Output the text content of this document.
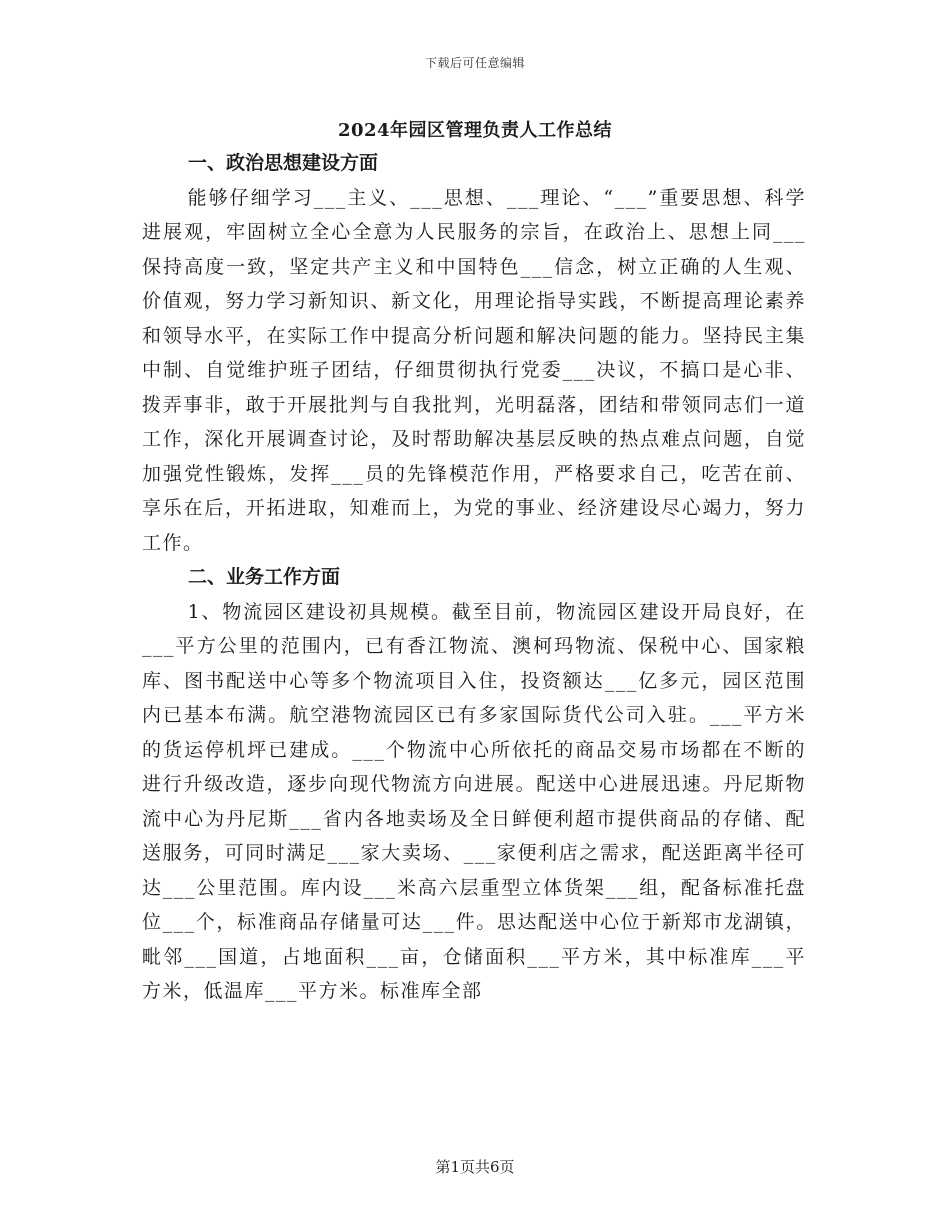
下载后可任意编辑
2024年园区管理负责人工作总结
一、政治思想建设方面

能够仔细学习___主义、___思想、___理论、“___”重要思想、科学进展观，牢固树立全心全意为人民服务的宗旨，在政治上、思想上同___保持高度一致，坚定共产主义和中国特色___信念，树立正确的人生观、价值观，努力学习新知识、新文化，用理论指导实践，不断提高理论素养和领导水平，在实际工作中提高分析问题和解决问题的能力。坚持民主集中制、自觉维护班子团结，仔细贯彻执行党委___决议，不搞口是心非、拨弄事非，敢于开展批判与自我批判，光明磊落，团结和带领同志们一道工作，深化开展调查讨论，及时帮助解决基层反映的热点难点问题，自觉加强党性锻炼，发挥___员的先锋模范作用，严格要求自己，吃苦在前、享乐在后，开拓进取，知难而上，为党的事业、经济建设尽心竭力，努力工作。

二、业务工作方面

1、物流园区建设初具规模。截至目前，物流园区建设开局良好，在___平方公里的范围内，已有香江物流、澳柯玛物流、保税中心、国家粮库、图书配送中心等多个物流项目入住，投资额达___亿多元，园区范围内已基本布满。航空港物流园区已有多家国际货代公司入驻。___平方米的货运停机坪已建成。___个物流中心所依托的商品交易市场都在不断的进行升级改造，逐步向现代物流方向进展。配送中心进展迅速。丹尼斯物流中心为丹尼斯___省内各地卖场及全日鲜便利超市提供商品的存储、配送服务，可同时满足___家大卖场、___家便利店之需求，配送距离半径可达___公里范围。库内设___米高六层重型立体货架___组，配备标准托盘位___个，标准商品存储量可达___件。思达配送中心位于新郑市龙湖镇，毗邻___国道，占地面积___亩，仓储面积___平方米，其中标准库___平方米，低温库___平方米。标准库全部

第1页共6页
